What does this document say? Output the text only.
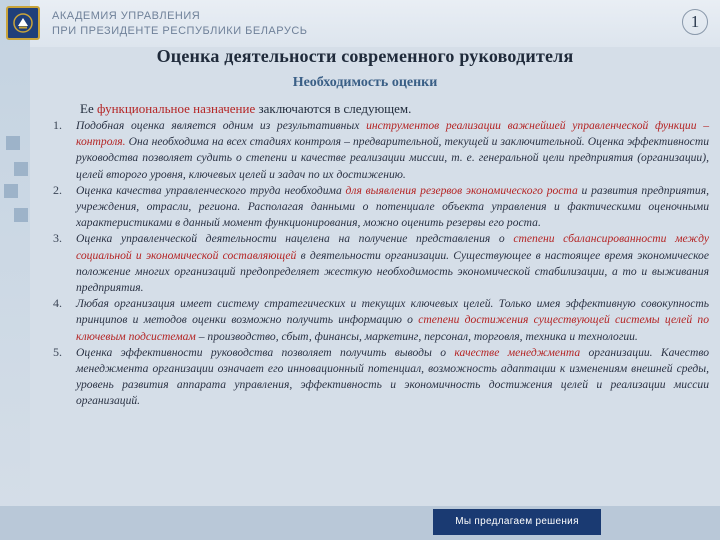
АКАДЕМИЯ УПРАВЛЕНИЯ
ПРИ ПРЕЗИДЕНТЕ РЕСПУБЛИКИ БЕЛАРУСЬ	1
Оценка деятельности современного руководителя
Необходимость оценки
Ее функциональное назначение заключаются в следующем.
1. Подобная оценка является одним из результативных инструментов реализации важнейшей управленческой функции – контроля. Она необходима на всех стадиях контроля – предварительной, текущей и заключительной. Оценка эффективности руководства позволяет судить о степени и качестве реализации миссии, т. е. генеральной цели предприятия (организации), целей второго уровня, ключевых целей и задач по их достижению.
2. Оценка качества управленческого труда необходима для выявления резервов экономического роста и развития предприятия, учреждения, отрасли, региона. Располагая данными о потенциале объекта управления и фактическими оценочными характеристиками в данный момент функционирования, можно оценить резервы его роста.
3. Оценка управленческой деятельности нацелена на получение представления о степени сбалансированности между социальной и экономической составляющей в деятельности организации. Существующее в настоящее время экономическое положение многих организаций предопределяет жесткую необходимость экономической стабилизации, а то и выживания предприятия.
4. Любая организация имеет систему стратегических и текущих ключевых целей. Только имея эффективную совокупность принципов и методов оценки возможно получить информацию о степени достижения существующей системы целей по ключевым подсистемам – производство, сбыт, финансы, маркетинг, персонал, торговля, техника и технологии.
5. Оценка эффективности руководства позволяет получить выводы о качестве менеджмента организации. Качество менеджмента организации означает его инновационный потенциал, возможность адаптации к изменениям внешней среды, уровень развития аппарата управления, эффективность и экономичность достижения целей и реализации миссии организаций.
Мы предлагаем решения
